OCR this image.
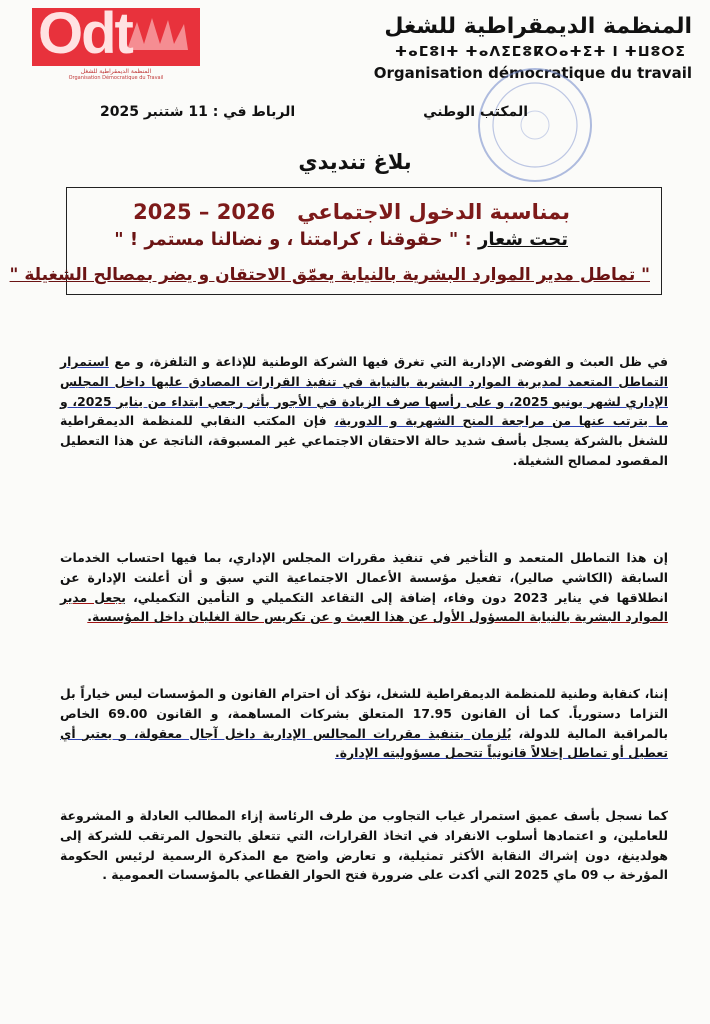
Odt
المنظمة الديمقراطية للشغل
Organisation Démocratique du Travail
المنظمة الديمقراطية للشغل
ⵜⴰⵎⵓⵏⵜ ⵜⴰⴷⵉⵎⵓⴽⵔⴰⵜⵉⵜ ⵏ ⵜⵡⵓⵔⵉ
Organisation démocratique du travail
المكتب الوطني
الرباط في : 11 شتنبر 2025
بلاغ تنديدي
بمناسبة الدخول الاجتماعي   2025 – 2026
تحت شعار : " حقوقنا ، كرامتنا ، و نضالنا مستمر ! "
" تماطل مدير الموارد البشرية بالنيابة يعمّق الاحتقان و يضر بمصالح الشغيلة "

في ظل العبث و الفوضى الإدارية التي تغرق فيها الشركة الوطنية للإذاعة و التلفزة، و مع استمرار التماطل المتعمد لمديرية الموارد البشرية بالنيابة في تنفيذ القرارات المصادق عليها داخل المجلس الإداري لشهر يونيو 2025، و على رأسها صرف الزيادة في الأجور بأثر رجعي ابتداء من يناير 2025، و ما يترتب عنها من مراجعة المنح الشهرية و الدورية، فإن المكتب النقابي للمنظمة الديمقراطية للشغل بالشركة يسجل بأسف شديد حالة الاحتقان الاجتماعي غير المسبوقة، الناتجة عن هذا التعطيل المقصود لمصالح الشغيلة.

إن هذا التماطل المتعمد و التأخير في تنفيذ مقررات المجلس الإداري، بما فيها احتساب الخدمات السابقة (الكاشي صالير)، تفعيل مؤسسة الأعمال الاجتماعية التي سبق و أن أعلنت الإدارة عن انطلاقها في يناير 2023 دون وفاء، إضافة إلى التقاعد التكميلي و التأمين التكميلي، يجعل مدير الموارد البشرية بالنيابة المسؤول الأول عن هذا العبث و عن تكريس حالة الغليان داخل المؤسسة.

إننا، كنقابة وطنية للمنظمة الديمقراطية للشغل، نؤكد أن احترام القانون و المؤسسات ليس خياراً بل التزاما دستورياً. كما أن القانون 17.95 المتعلق بشركات المساهمة، و القانون 69.00 الخاص بالمراقبة المالية للدولة، يُلزمان بتنفيذ مقررات المجالس الإدارية داخل آجال معقولة، و يعتبر أي تعطيل أو تماطل إخلالاً قانونياً تتحمل مسؤوليته الإدارة.

كما نسجل بأسف عميق استمرار غياب التجاوب من طرف الرئاسة إزاء المطالب العادلة و المشروعة للعاملين، و اعتمادها أسلوب الانفراد في اتخاذ القرارات، التي تتعلق بالتحول المرتقب للشركة إلى هولدينغ، دون إشراك النقابة الأكثر تمثيلية، و تعارض واضح مع المذكرة الرسمية لرئيس الحكومة المؤرخة ب 09 ماي 2025 التي أكدت على ضرورة فتح الحوار القطاعي بالمؤسسات العمومية .
